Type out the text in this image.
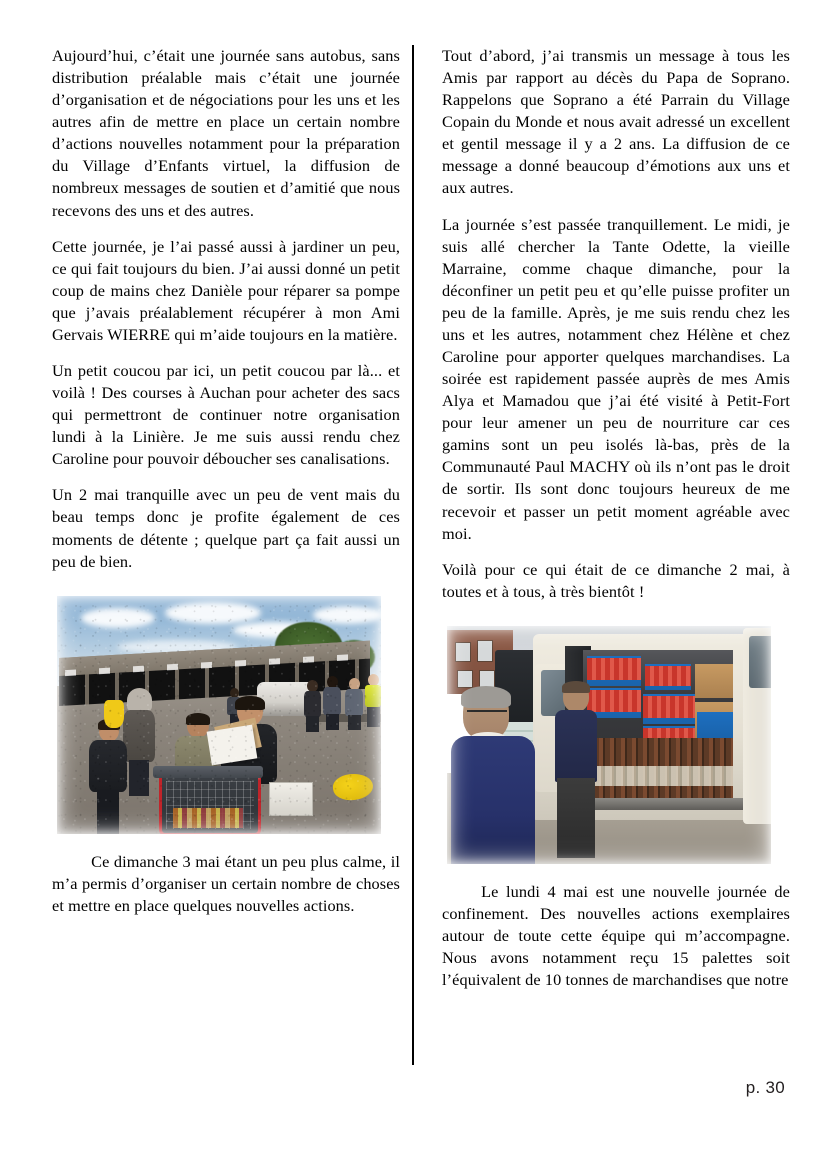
Aujourd’hui, c’était une journée sans autobus, sans distribution préalable mais c’était une journée d’organisation et de négociations pour les uns et les autres afin de mettre en place un certain nombre d’actions nouvelles notamment pour la préparation du Village d’Enfants virtuel, la diffusion de nombreux messages de soutien et d’amitié que nous recevons des uns et des autres.

Cette journée, je l’ai passé aussi à jardiner un peu, ce qui fait toujours du bien. J’ai aussi donné un petit coup de mains chez Danièle pour réparer sa pompe que j’avais préalablement récupérer à mon Ami Gervais WIERRE qui m’aide toujours en la matière.

Un petit coucou par ici, un petit coucou par là... et voilà ! Des courses à Auchan pour acheter des sacs qui permettront de continuer notre organisation lundi à la Linière. Je me suis aussi rendu chez Caroline pour pouvoir déboucher ses canalisations.

Un 2 mai tranquille avec un peu de vent mais du beau temps donc je profite également de ces moments de détente ; quelque part ça fait aussi un peu de bien.

Ce dimanche 3 mai étant un peu plus calme, il m’a permis d’organiser un certain nombre de choses et mettre en place quelques nouvelles actions.

Tout d’abord, j’ai transmis un message à tous les Amis par rapport au décès du Papa de Soprano. Rappelons que Soprano a été Parrain du Village Copain du Monde et nous avait adressé un excellent et gentil message il y a 2 ans. La diffusion de ce message a donné beaucoup d’émotions aux uns et aux autres.

La journée s’est passée tranquillement. Le midi, je suis allé chercher la Tante Odette, la vieille Marraine, comme chaque dimanche, pour la déconfiner un petit peu et qu’elle puisse profiter un peu de la famille. Après, je me suis rendu chez les uns et les autres, notamment chez Hélène et chez Caroline pour apporter quelques marchandises. La soirée est rapidement passée auprès de mes Amis Alya et Mamadou que j’ai été visité à Petit-Fort pour leur amener un peu de nourriture car ces gamins sont un peu isolés là-bas, près de la Communauté Paul MACHY où ils n’ont pas le droit de sortir. Ils sont donc toujours heureux de me recevoir et passer un petit moment agréable avec moi.

Voilà pour ce qui était de ce dimanche 2 mai, à toutes et à tous, à très bientôt !

Le lundi 4 mai est une nouvelle journée de confinement. Des nouvelles actions exemplaires autour de toute cette équipe qui m’accompagne. Nous avons notamment reçu 15 palettes soit l’équivalent de 10 tonnes de marchandises que notre

p. 30
